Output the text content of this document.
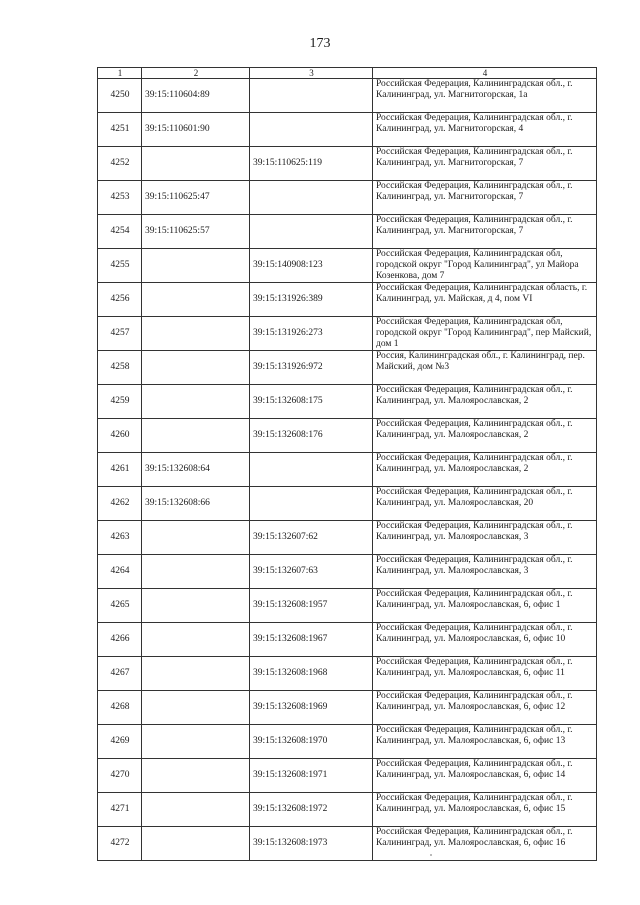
173
1	2	3	4
4250	39:15:110604:89		Российская Федерация, Калининградская обл., г. Калининград, ул. Магнитогорская, 1а
4251	39:15:110601:90		Российская Федерация, Калининградская обл., г. Калининград, ул. Магнитогорская, 4
4252		39:15:110625:119	Российская Федерация, Калининградская обл., г. Калининград, ул. Магнитогорская, 7
4253	39:15:110625:47		Российская Федерация, Калининградская обл., г. Калининград, ул. Магнитогорская, 7
4254	39:15:110625:57		Российская Федерация, Калининградская обл., г. Калининград, ул. Магнитогорская, 7
4255		39:15:140908:123	Российская Федерация, Калининградская обл, городской округ "Город Калининград", ул Майора Козенкова, дом 7
4256		39:15:131926:389	Российская Федерация, Калининградская область, г. Калининград, ул. Майская, д 4, пом VI
4257		39:15:131926:273	Российская Федерация, Калининградская обл, городской округ "Город Калининград", пер Майский, дом 1
4258		39:15:131926:972	Россия, Калининградская обл., г. Калининград, пер. Майский, дом №3
4259		39:15:132608:175	Российская Федерация, Калининградская обл., г. Калининград, ул. Малоярославская, 2
4260		39:15:132608:176	Российская Федерация, Калининградская обл., г. Калининград, ул. Малоярославская, 2
4261	39:15:132608:64		Российская Федерация, Калининградская обл., г. Калининград, ул. Малоярославская, 2
4262	39:15:132608:66		Российская Федерация, Калининградская обл., г. Калининград, ул. Малоярославская, 20
4263		39:15:132607:62	Российская Федерация, Калининградская обл., г. Калининград, ул. Малоярославская, 3
4264		39:15:132607:63	Российская Федерация, Калининградская обл., г. Калининград, ул. Малоярославская, 3
4265		39:15:132608:1957	Российская Федерация, Калининградская обл., г. Калининград, ул. Малоярославская, 6, офис 1
4266		39:15:132608:1967	Российская Федерация, Калининградская обл., г. Калининград, ул. Малоярославская, 6, офис 10
4267		39:15:132608:1968	Российская Федерация, Калининградская обл., г. Калининград, ул. Малоярославская, 6, офис 11
4268		39:15:132608:1969	Российская Федерация, Калининградская обл., г. Калининград, ул. Малоярославская, 6, офис 12
4269		39:15:132608:1970	Российская Федерация, Калининградская обл., г. Калининград, ул. Малоярославская, 6, офис 13
4270		39:15:132608:1971	Российская Федерация, Калининградская обл., г. Калининград, ул. Малоярославская, 6, офис 14
4271		39:15:132608:1972	Российская Федерация, Калининградская обл., г. Калининград, ул. Малоярославская, 6, офис 15
4272		39:15:132608:1973	Российская Федерация, Калининградская обл., г. Калининград, ул. Малоярославская, 6, офис 16
